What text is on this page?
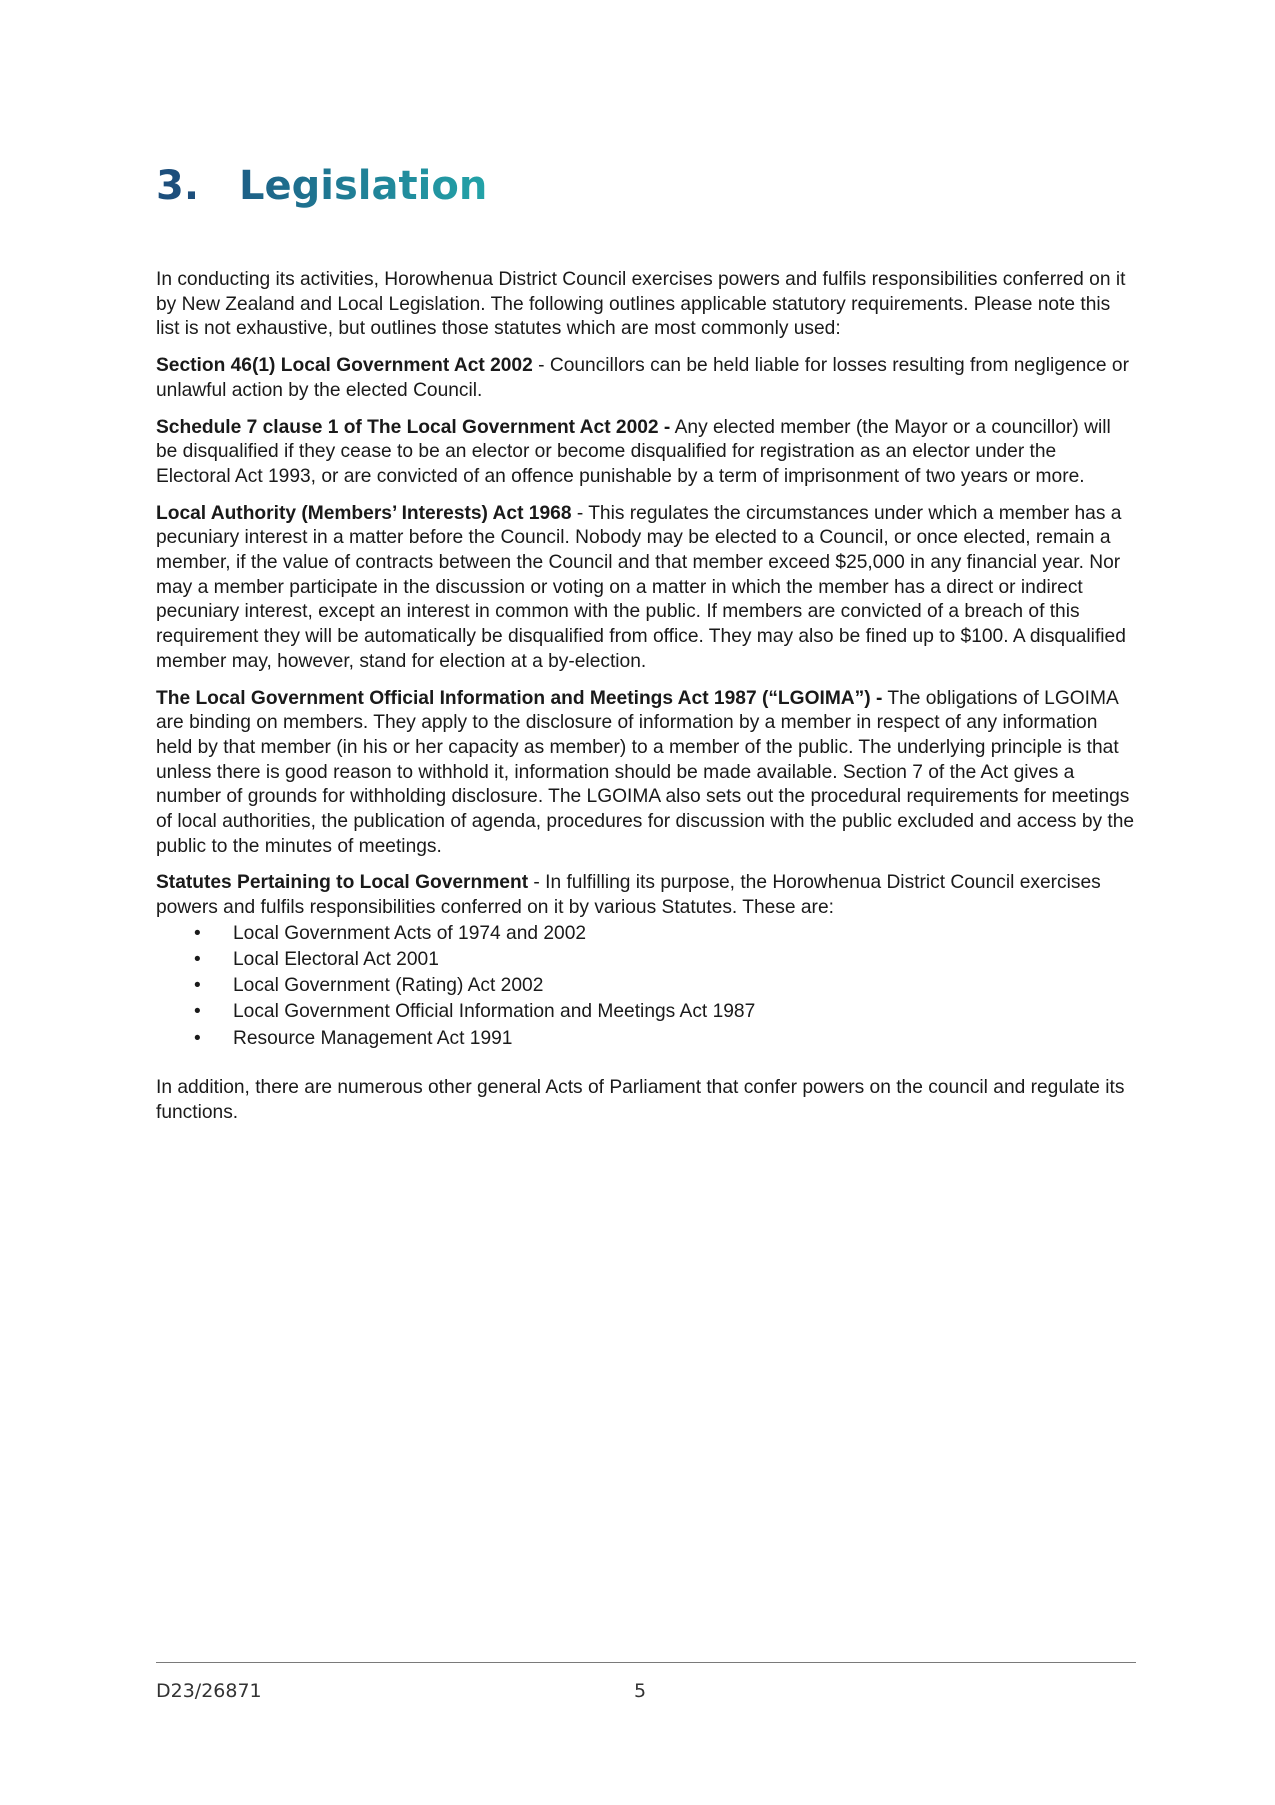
3. Legislation

In conducting its activities, Horowhenua District Council exercises powers and fulfils responsibilities conferred on it by New Zealand and Local Legislation. The following outlines applicable statutory requirements. Please note this list is not exhaustive, but outlines those statutes which are most commonly used:

Section 46(1) Local Government Act 2002 - Councillors can be held liable for losses resulting from negligence or unlawful action by the elected Council.

Schedule 7 clause 1 of The Local Government Act 2002 - Any elected member (the Mayor or a councillor) will be disqualified if they cease to be an elector or become disqualified for registration as an elector under the Electoral Act 1993, or are convicted of an offence punishable by a term of imprisonment of two years or more.

Local Authority (Members’ Interests) Act 1968 - This regulates the circumstances under which a member has a pecuniary interest in a matter before the Council. Nobody may be elected to a Council, or once elected, remain a member, if the value of contracts between the Council and that member exceed $25,000 in any financial year. Nor may a member participate in the discussion or voting on a matter in which the member has a direct or indirect pecuniary interest, except an interest in common with the public. If members are convicted of a breach of this requirement they will be automatically be disqualified from office. They may also be fined up to $100. A disqualified member may, however, stand for election at a by-election.

The Local Government Official Information and Meetings Act 1987 (“LGOIMA”) - The obligations of LGOIMA are binding on members. They apply to the disclosure of information by a member in respect of any information held by that member (in his or her capacity as member) to a member of the public. The underlying principle is that unless there is good reason to withhold it, information should be made available. Section 7 of the Act gives a number of grounds for withholding disclosure. The LGOIMA also sets out the procedural requirements for meetings of local authorities, the publication of agenda, procedures for discussion with the public excluded and access by the public to the minutes of meetings.

Statutes Pertaining to Local Government - In fulfilling its purpose, the Horowhenua District Council exercises powers and fulfils responsibilities conferred on it by various Statutes. These are:

• Local Government Acts of 1974 and 2002
• Local Electoral Act 2001
• Local Government (Rating) Act 2002
• Local Government Official Information and Meetings Act 1987
• Resource Management Act 1991

In addition, there are numerous other general Acts of Parliament that confer powers on the council and regulate its functions.

D23/26871	5
